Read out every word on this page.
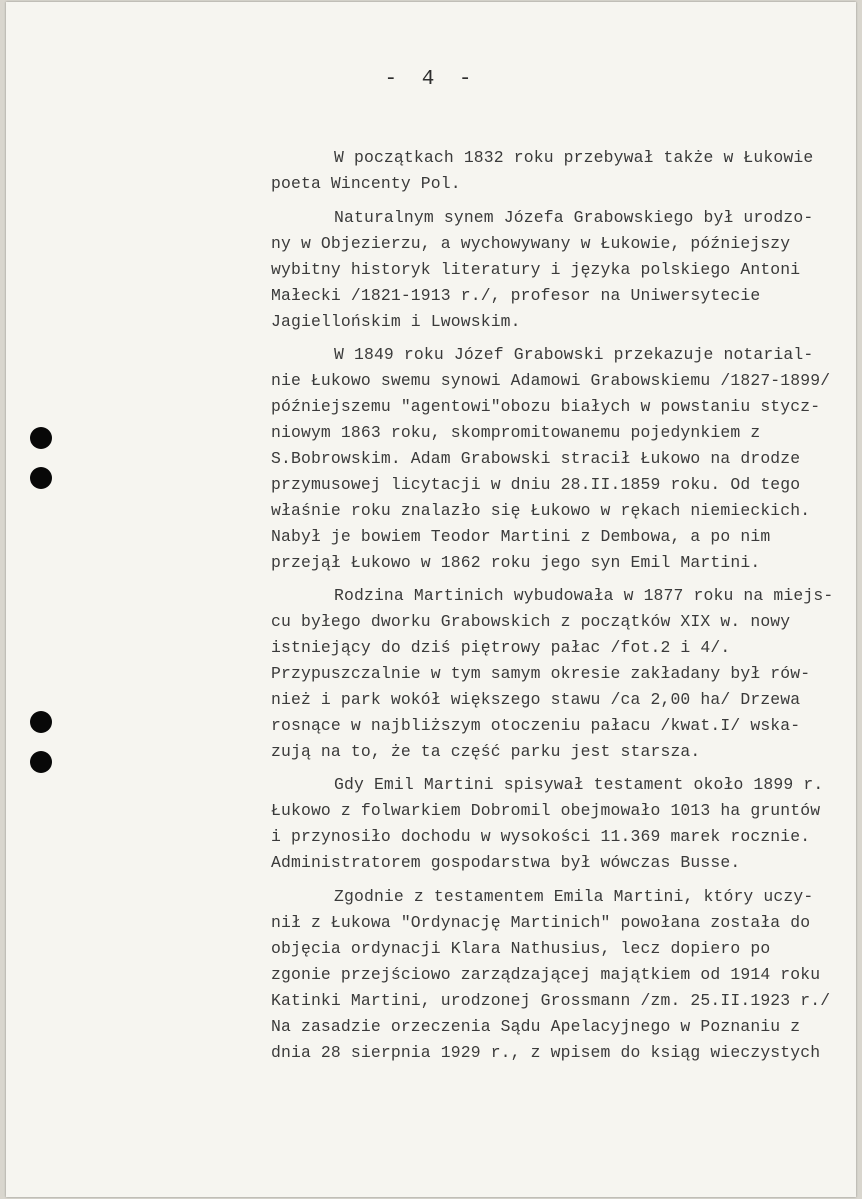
- 4 -
W początkach 1832 roku przebywał także w Łukowie
poeta Wincenty Pol.
Naturalnym synem Józefa Grabowskiego był urodzo-
ny w Objezierzu, a wychowywany w Łukowie, późniejszy
wybitny historyk literatury i języka polskiego Antoni
Małecki /1821-1913 r./, profesor na Uniwersytecie
Jagiellońskim i Lwowskim.
W 1849 roku Józef Grabowski przekazuje notarial-
nie Łukowo swemu synowi Adamowi Grabowskiemu /1827-1899/
późniejszemu "agentowi"obozu białych w powstaniu stycz-
niowym 1863 roku, skompromitowanemu pojedynkiem z
S.Bobrowskim. Adam Grabowski stracił Łukowo na drodze
przymusowej licytacji w dniu 28.II.1859 roku. Od tego
właśnie roku znalazło się Łukowo w rękach niemieckich.
Nabył je bowiem Teodor Martini z Dembowa, a po nim
przejął Łukowo w 1862 roku jego syn Emil Martini.
Rodzina Martinich wybudowała w 1877 roku na miejs-
cu byłego dworku Grabowskich z początków XIX w. nowy
istniejący do dziś piętrowy pałac /fot.2 i 4/.
Przypuszczalnie w tym samym okresie zakładany był rów-
nież i park wokół większego stawu /ca 2,00 ha/ Drzewa
rosnące w najbliższym otoczeniu pałacu /kwat.I/ wska-
zują na to, że ta część parku jest starsza.
Gdy Emil Martini spisywał testament około 1899 r.
Łukowo z folwarkiem Dobromil obejmowało 1013 ha gruntów
i przynosiło dochodu w wysokości 11.369 marek rocznie.
Administratorem gospodarstwa był wówczas Busse.
Zgodnie z testamentem Emila Martini, który uczy-
nił z Łukowa "Ordynację Martinich" powołana została do
objęcia ordynacji Klara Nathusius, lecz dopiero po
zgonie przejściowo zarządzającej majątkiem od 1914 roku
Katinki Martini, urodzonej Grossmann /zm. 25.II.1923 r./
Na zasadzie orzeczenia Sądu Apelacyjnego w Poznaniu z
dnia 28 sierpnia 1929 r., z wpisem do ksiąg wieczystych
